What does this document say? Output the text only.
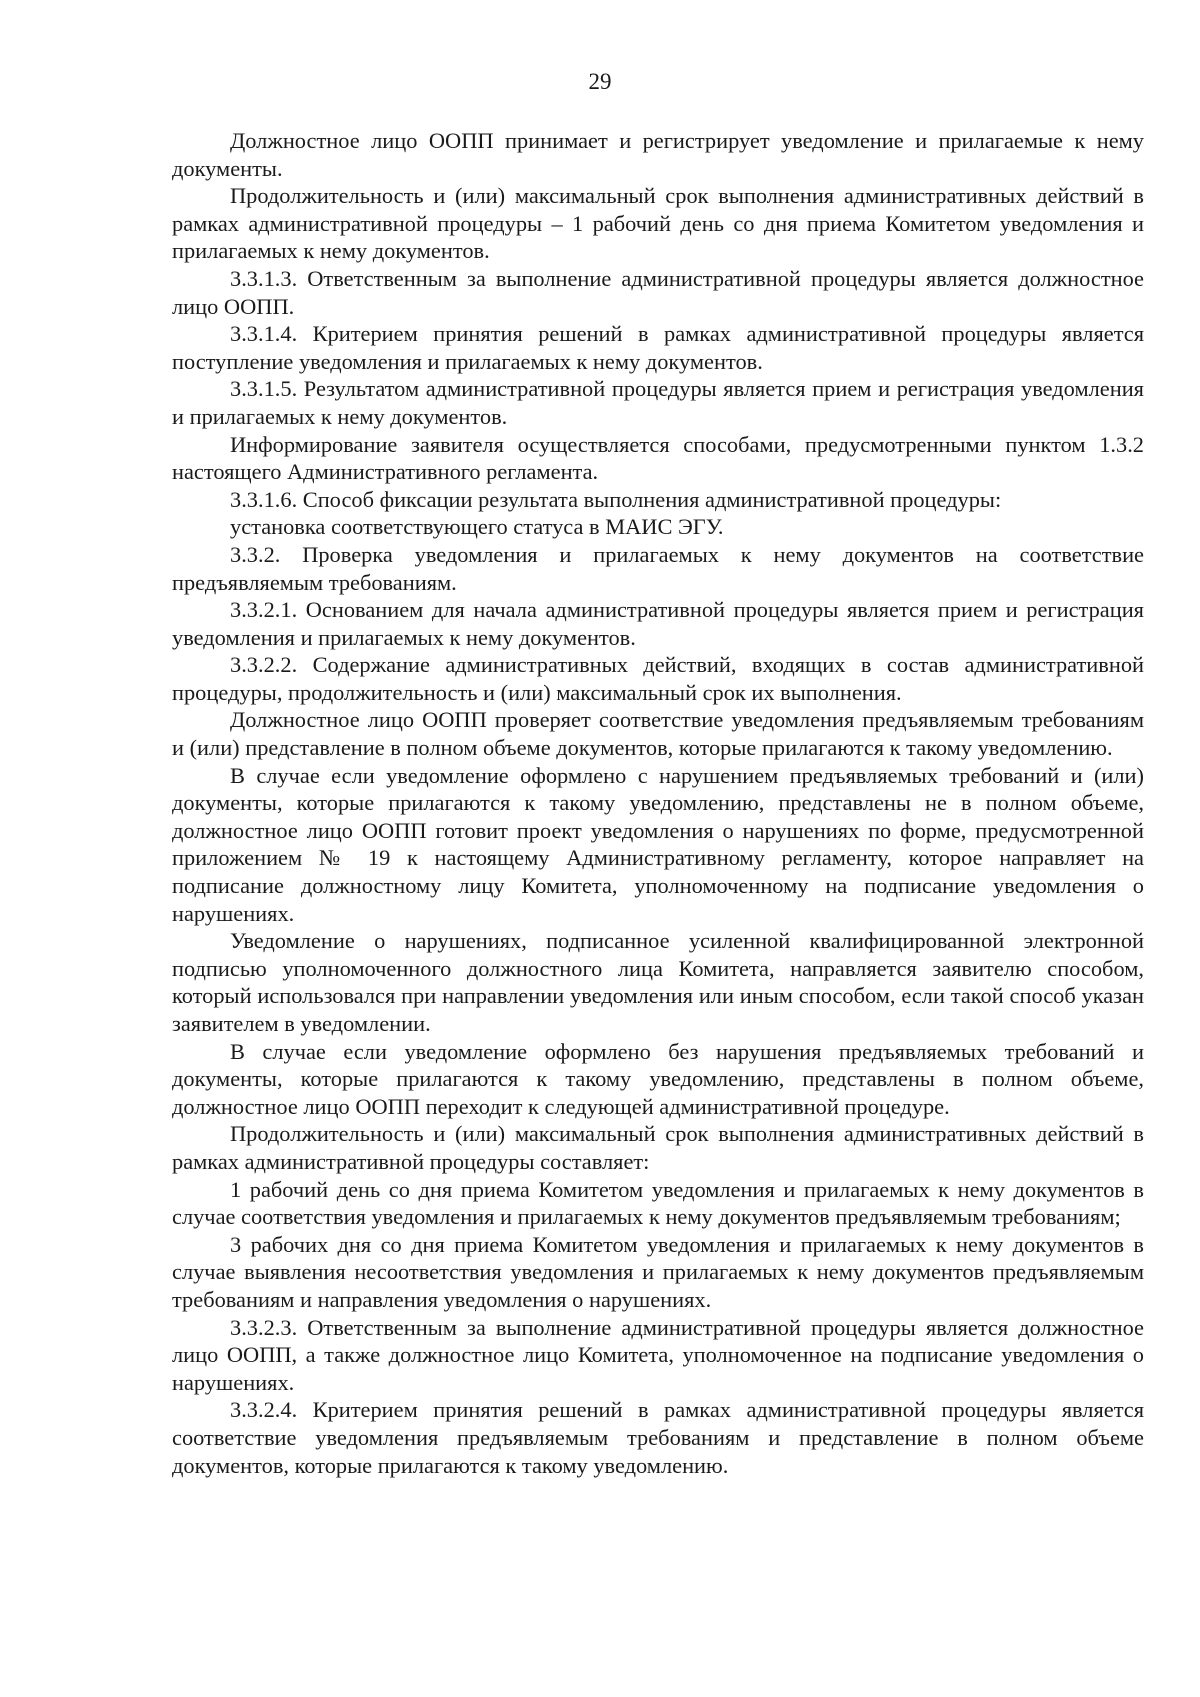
29

Должностное лицо ООПП принимает и регистрирует уведомление и прилагаемые к нему документы.

Продолжительность и (или) максимальный срок выполнения административных действий в рамках административной процедуры – 1 рабочий день со дня приема Комитетом уведомления и прилагаемых к нему документов.

3.3.1.3. Ответственным за выполнение административной процедуры является должностное лицо ООПП.

3.3.1.4. Критерием принятия решений в рамках административной процедуры является поступление уведомления и прилагаемых к нему документов.

3.3.1.5. Результатом административной процедуры является прием и регистрация уведомления и прилагаемых к нему документов.

Информирование заявителя осуществляется способами, предусмотренными пунктом 1.3.2 настоящего Административного регламента.

3.3.1.6. Способ фиксации результата выполнения административной процедуры:

установка соответствующего статуса в МАИС ЭГУ.

3.3.2. Проверка уведомления и прилагаемых к нему документов на соответствие предъявляемым требованиям.

3.3.2.1. Основанием для начала административной процедуры является прием и регистрация уведомления и прилагаемых к нему документов.

3.3.2.2. Содержание административных действий, входящих в состав административной процедуры, продолжительность и (или) максимальный срок их выполнения.

Должностное лицо ООПП проверяет соответствие уведомления предъявляемым требованиям и (или) представление в полном объеме документов, которые прилагаются к такому уведомлению.

В случае если уведомление оформлено с нарушением предъявляемых требований и (или) документы, которые прилагаются к такому уведомлению, представлены не в полном объеме, должностное лицо ООПП готовит проект уведомления о нарушениях по форме, предусмотренной приложением № 19 к настоящему Административному регламенту, которое направляет на подписание должностному лицу Комитета, уполномоченному на подписание уведомления о нарушениях.

Уведомление о нарушениях, подписанное усиленной квалифицированной электронной подписью уполномоченного должностного лица Комитета, направляется заявителю способом, который использовался при направлении уведомления или иным способом, если такой способ указан заявителем в уведомлении.

В случае если уведомление оформлено без нарушения предъявляемых требований и документы, которые прилагаются к такому уведомлению, представлены в полном объеме, должностное лицо ООПП переходит к следующей административной процедуре.

Продолжительность и (или) максимальный срок выполнения административных действий в рамках административной процедуры составляет:

1 рабочий день со дня приема Комитетом уведомления и прилагаемых к нему документов в случае соответствия уведомления и прилагаемых к нему документов предъявляемым требованиям;

3 рабочих дня со дня приема Комитетом уведомления и прилагаемых к нему документов в случае выявления несоответствия уведомления и прилагаемых к нему документов предъявляемым требованиям и направления уведомления о нарушениях.

3.3.2.3. Ответственным за выполнение административной процедуры является должностное лицо ООПП, а также должностное лицо Комитета, уполномоченное на подписание уведомления о нарушениях.

3.3.2.4. Критерием принятия решений в рамках административной процедуры является соответствие уведомления предъявляемым требованиям и представление в полном объеме документов, которые прилагаются к такому уведомлению.
